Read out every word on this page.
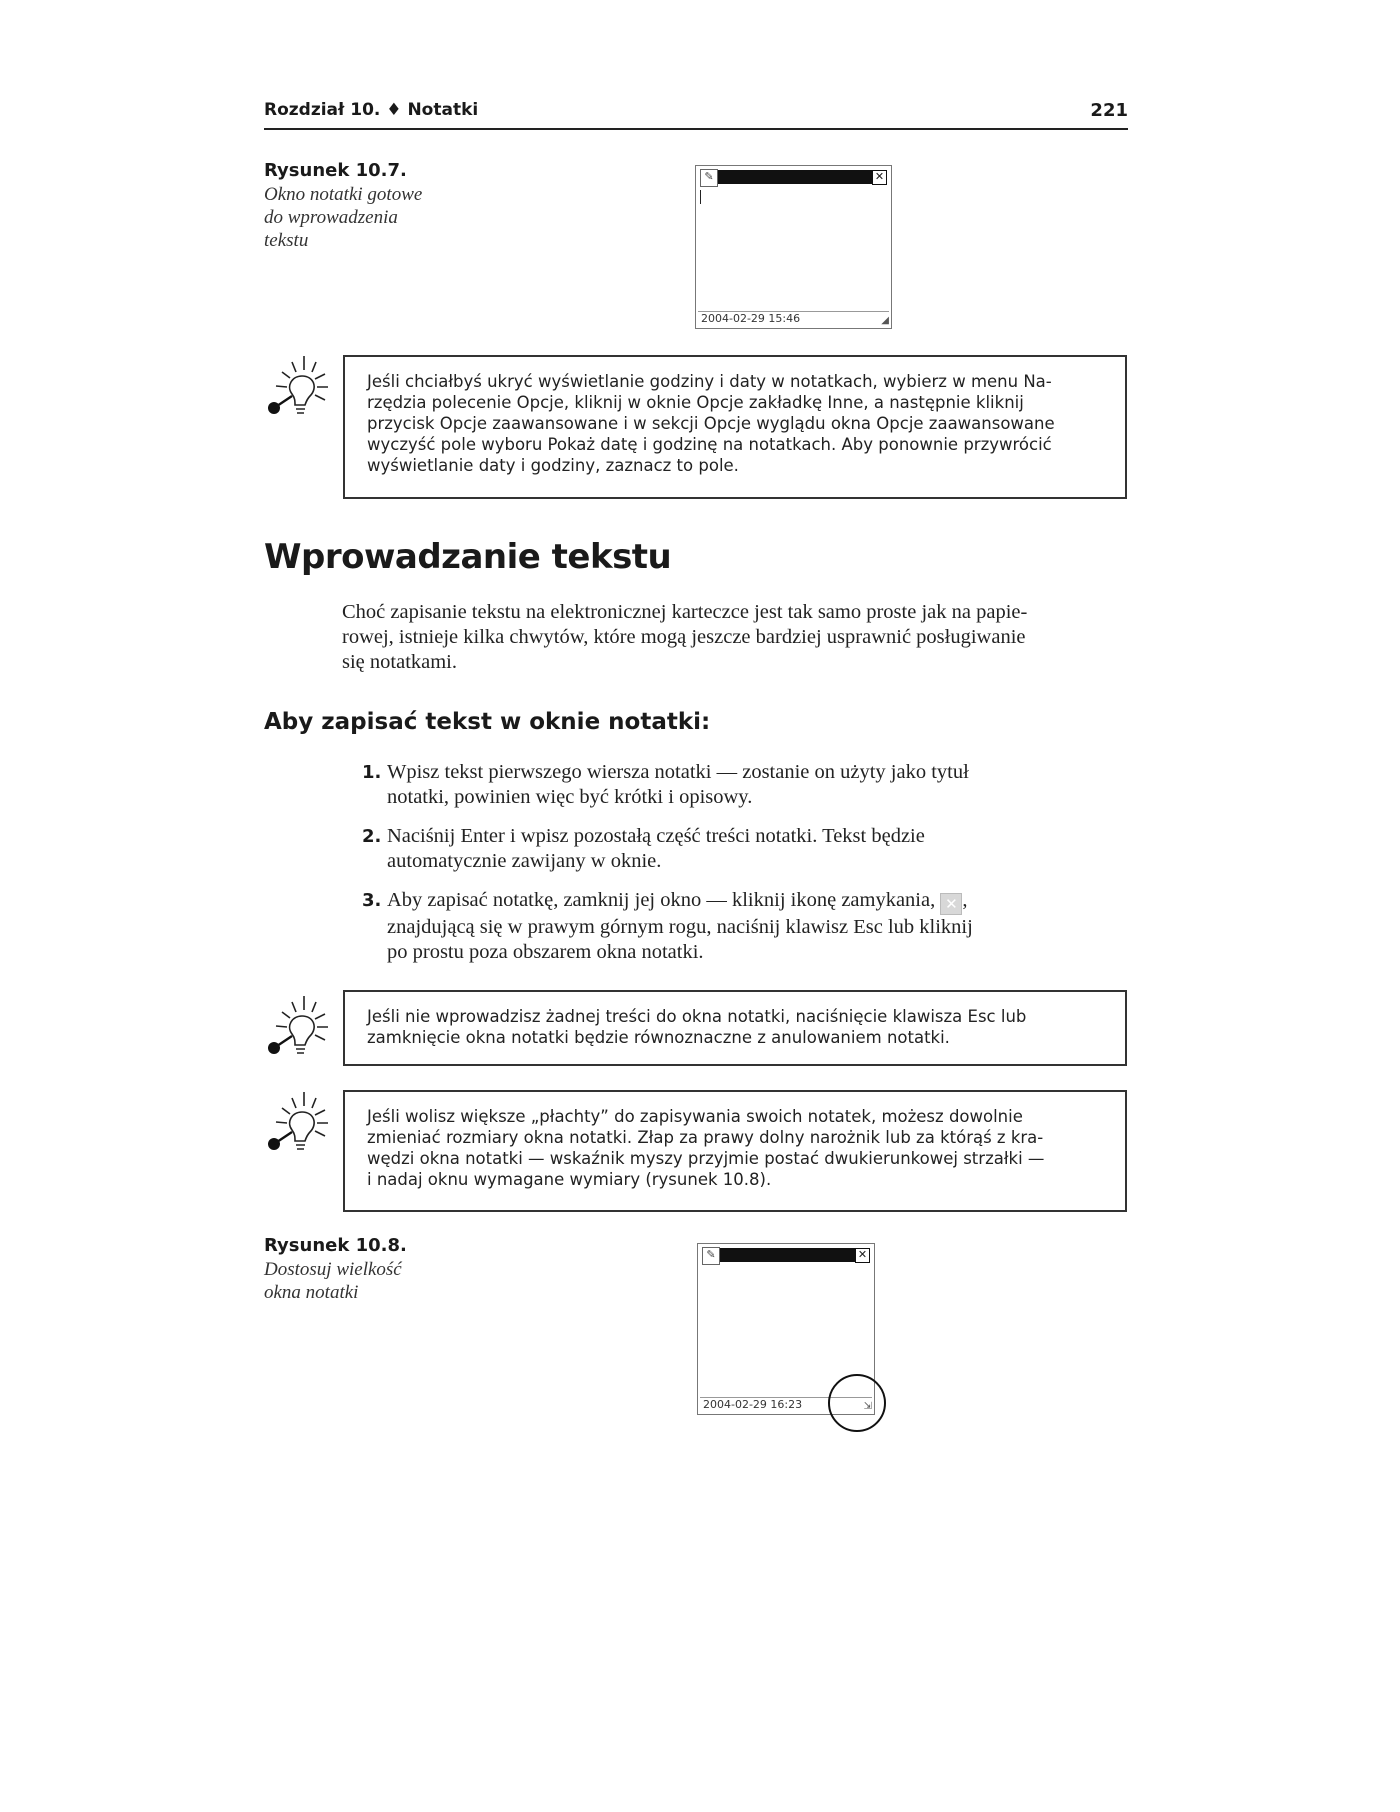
Rozdział 10. ♦ Notatki	221
Rysunek 10.7.
Okno notatki gotowe
do wprowadzenia
tekstu
✎	✕
2004-02-29 15:46	◢
Jeśli chciałbyś ukryć wyświetlanie godziny i daty w notatkach, wybierz w menu Na-
rzędzia polecenie Opcje, kliknij w oknie Opcje zakładkę Inne, a następnie kliknij
przycisk Opcje zaawansowane i w sekcji Opcje wyglądu okna Opcje zaawansowane
wyczyść pole wyboru Pokaż datę i godzinę na notatkach. Aby ponownie przywrócić
wyświetlanie daty i godziny, zaznacz to pole.
Wprowadzanie tekstu
Choć zapisanie tekstu na elektronicznej karteczce jest tak samo proste jak na papie-
rowej, istnieje kilka chwytów, które mogą jeszcze bardziej usprawnić posługiwanie
się notatkami.
Aby zapisać tekst w oknie notatki:
1. Wpisz tekst pierwszego wiersza notatki — zostanie on użyty jako tytuł
notatki, powinien więc być krótki i opisowy.
2. Naciśnij Enter i wpisz pozostałą część treści notatki. Tekst będzie
automatycznie zawijany w oknie.
3. Aby zapisać notatkę, zamknij jej okno — kliknij ikonę zamykania, ✕ ,
znajdującą się w prawym górnym rogu, naciśnij klawisz Esc lub kliknij
po prostu poza obszarem okna notatki.
Jeśli nie wprowadzisz żadnej treści do okna notatki, naciśnięcie klawisza Esc lub
zamknięcie okna notatki będzie równoznaczne z anulowaniem notatki.
Jeśli wolisz większe „płachty” do zapisywania swoich notatek, możesz dowolnie
zmieniać rozmiary okna notatki. Złap za prawy dolny narożnik lub za którąś z kra-
wędzi okna notatki — wskaźnik myszy przyjmie postać dwukierunkowej strzałki —
i nadaj oknu wymagane wymiary (rysunek 10.8).
Rysunek 10.8.
Dostosuj wielkość
okna notatki
✎	✕
2004-02-29 16:23	⇲
